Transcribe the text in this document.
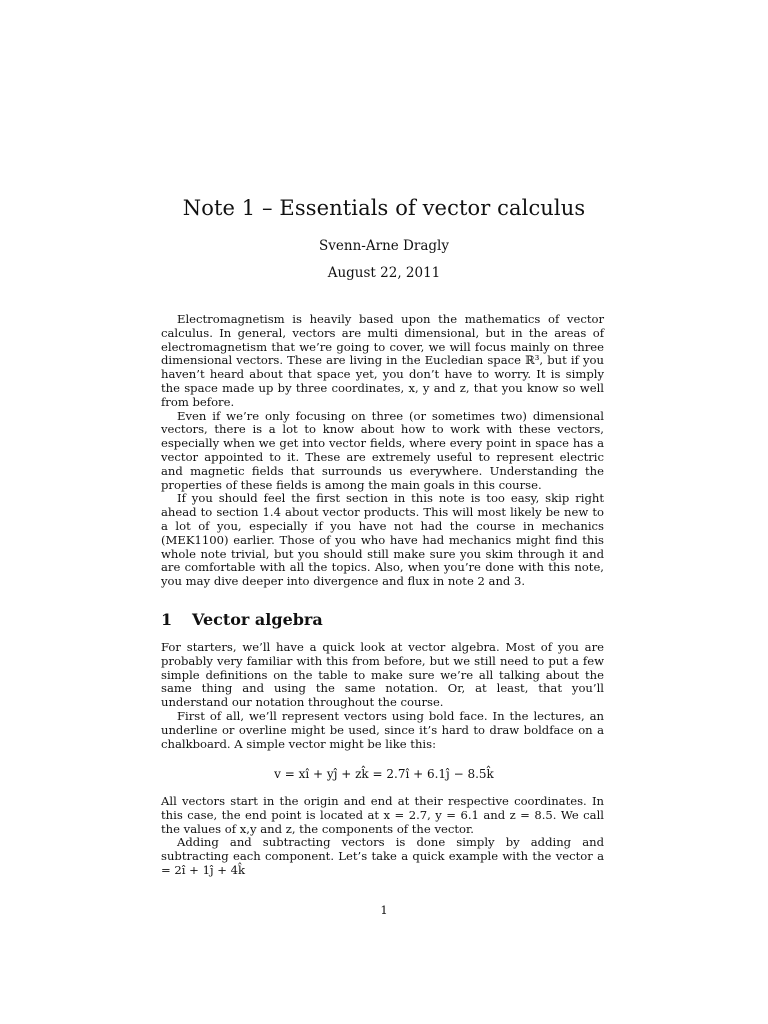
Note 1 – Essentials of vector calculus
Svenn-Arne Dragly
August 22, 2011

Electromagnetism is heavily based upon the mathematics of vector calculus. In general, vectors are multi dimensional, but in the areas of electromagnetism that we’re going to cover, we will focus mainly on three dimensional vectors. These are living in the Eucledian space ℝ³, but if you haven’t heard about that space yet, you don’t have to worry. It is simply the space made up by three coordinates, x, y and z, that you know so well from before.

Even if we’re only focusing on three (or sometimes two) dimensional vectors, there is a lot to know about how to work with these vectors, especially when we get into vector fields, where every point in space has a vector appointed to it. These are extremely useful to represent electric and magnetic fields that surrounds us everywhere. Understanding the properties of these fields is among the main goals in this course.

If you should feel the first section in this note is too easy, skip right ahead to section 1.4 about vector products. This will most likely be new to a lot of you, especially if you have not had the course in mechanics (MEK1100) earlier. Those of you who have had mechanics might find this whole note trivial, but you should still make sure you skim through it and are comfortable with all the topics. Also, when you’re done with this note, you may dive deeper into divergence and flux in note 2 and 3.

1 Vector algebra

For starters, we’ll have a quick look at vector algebra. Most of you are probably very familiar with this from before, but we still need to put a few simple definitions on the table to make sure we’re all talking about the same thing and using the same notation. Or, at least, that you’ll understand our notation throughout the course.

First of all, we’ll represent vectors using bold face. In the lectures, an underline or overline might be used, since it’s hard to draw boldface on a chalkboard. A simple vector might be like this:

v = xî + yĵ + zk̂ = 2.7î + 6.1ĵ − 8.5k̂

All vectors start in the origin and end at their respective coordinates. In this case, the end point is located at x = 2.7, y = 6.1 and z = 8.5. We call the values of x,y and z, the components of the vector.

Adding and subtracting vectors is done simply by adding and subtracting each component. Let’s take a quick example with the vector a = 2î + 1ĵ + 4k̂

1
